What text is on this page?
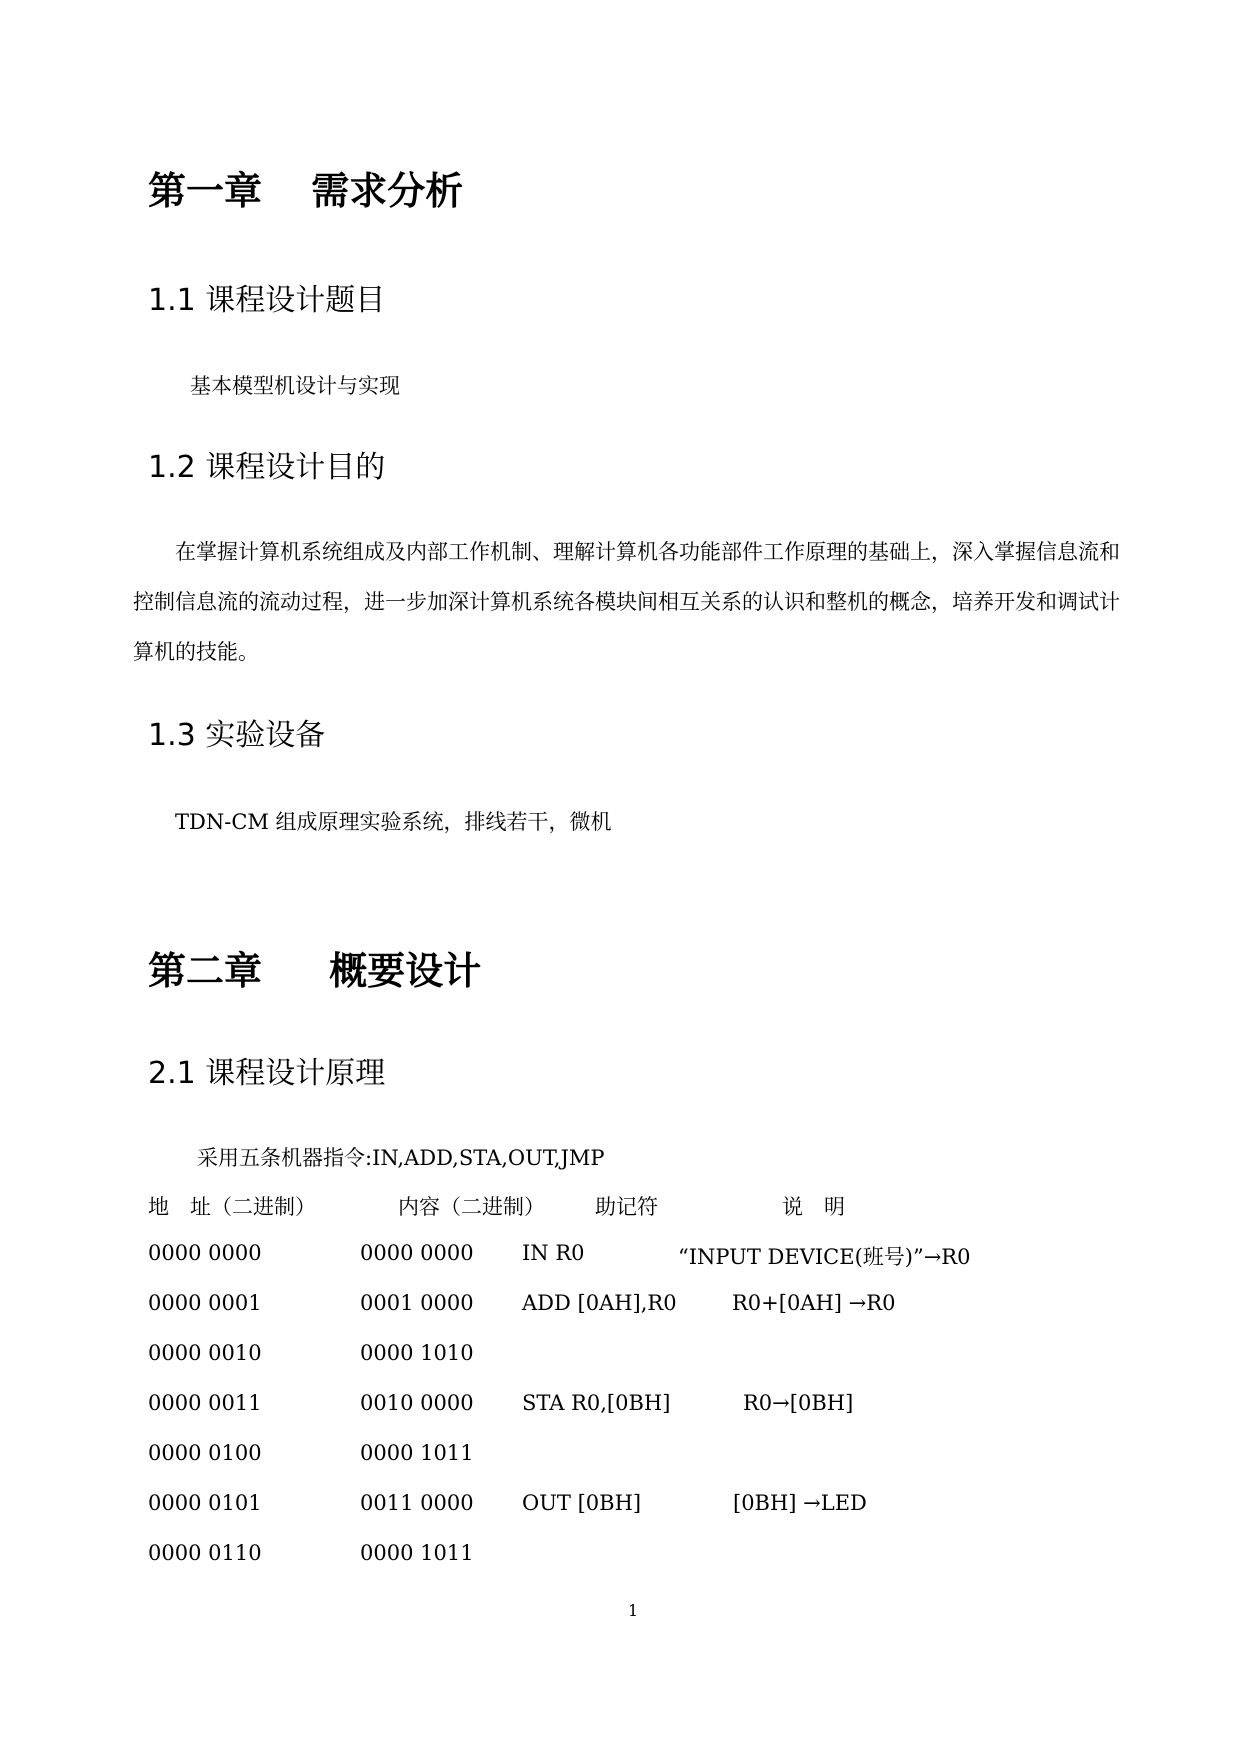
第一章 需求分析
1.1 课程设计题目
基本模型机设计与实现
1.2 课程设计目的
在掌握计算机系统组成及内部工作机制、理解计算机各功能部件工作原理的基础上，深入掌握信息流和控制信息流的流动过程，进一步加深计算机系统各模块间相互关系的认识和整机的概念，培养开发和调试计算机的技能。
1.3 实验设备
TDN-CM 组成原理实验系统，排线若干，微机
第二章 概要设计
2.1 课程设计原理
采用五条机器指令:IN,ADD,STA,OUT,JMP
地　址（二进制）	内容（二进制） 助记符	说　明
0000 0000	0000 0000 IN R0	“INPUT DEVICE(班号)”→R0
0000 0001	0001 0000 ADD [0AH],R0	R0+[0AH] →R0
0000 0010	0000 1010
0000 0011	0010 0000 STA R0,[0BH]	R0→[0BH]
0000 0100	0000 1011
0000 0101	0011 0000 OUT [0BH]	[0BH] →LED
0000 0110	0000 1011
1
